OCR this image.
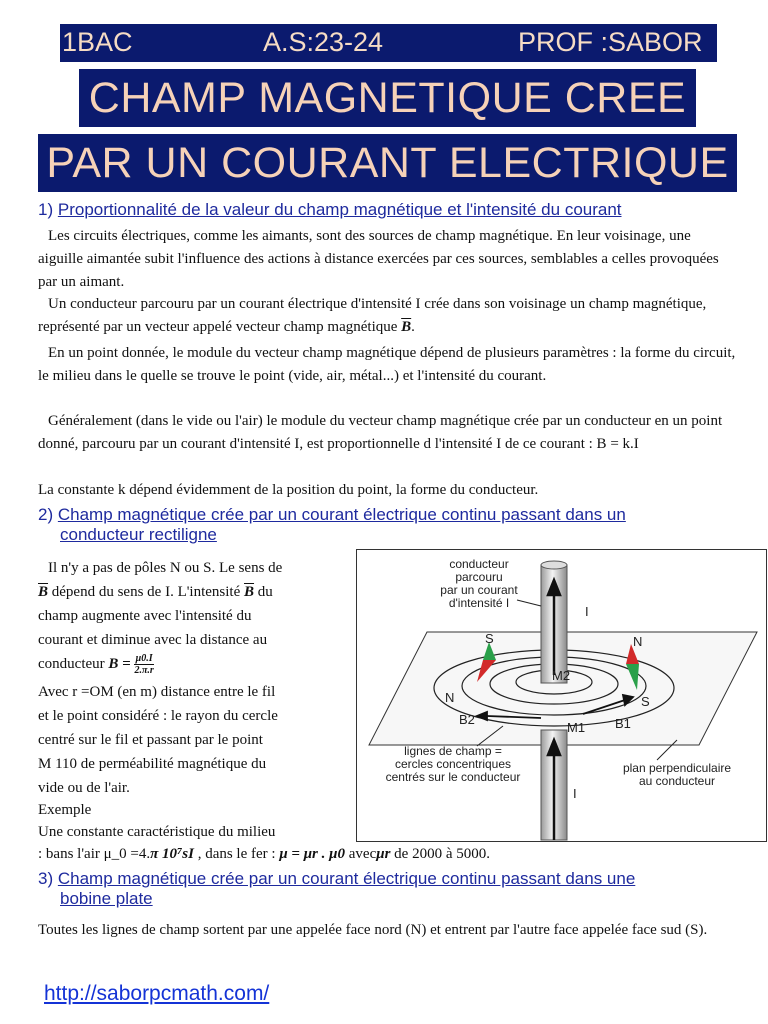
1BAC	A.S:23-24	PROF :SABOR
CHAMP MAGNETIQUE CREE
PAR UN COURANT ELECTRIQUE
1) Proportionnalité de la valeur du champ magnétique et l'intensité du courant
Les circuits électriques, comme les aimants, sont des sources de champ magnétique. En leur voisinage, une aiguille aimantée subit l'influence des actions à distance exercées par ces sources, semblables a celles provoquées par un aimant.
Un conducteur parcouru par un courant électrique d'intensité I crée dans son voisinage un champ magnétique, représenté par un vecteur appelé vecteur champ magnétique $\overline{B}$.
En un point donnée, le module du vecteur champ magnétique dépend de plusieurs paramètres : la forme du circuit, le milieu dans le quelle se trouve le point (vide, air, métal...) et l'intensité du courant.
Généralement (dans le vide ou l'air) le module du vecteur champ magnétique crée par un conducteur en un point donné, parcouru par un courant d'intensité I, est proportionnelle d l'intensité I de ce courant : B = k.I
La constante k dépend évidemment de la position du point, la forme du conducteur.
2) Champ magnétique crée par un courant électrique continu passant dans un
conducteur rectiligne
Il n'y a pas de pôles N ou S. Le sens de
$\overline{B}$ dépend du sens de I. L'intensité $\overline{B}$ du
champ augmente avec l'intensité du
courant et diminue avec la distance au
conducteur $B = \frac{\mu 0.I}{2.\pi.r}$
Avec r =OM (en m) distance entre le fil
et le point considéré : le rayon du cercle
centré sur le fil et passant par le point
M 110 de perméabilité magnétique du
vide ou de l'air.
Exemple
Une constante caractéristique du milieu
: bans l'air μ_0 =4.π 10⁷sI , dans le fer : μ = μr . μ0 avecμr de 2000 à 5000.
M2
M1
I
I
S
N
N
S
B2	B1
conducteur
parcouru
par un courant
d'intensité I
lignes de champ =
cercles concentriques
centrés sur le conducteur
plan perpendiculaire
au conducteur
3) Champ magnétique crée par un courant électrique continu passant dans une
bobine plate
Toutes les lignes de champ sortent par une appelée face nord (N) et entrent par l'autre face appelée face sud (S).
http://saborpcmath.com/
